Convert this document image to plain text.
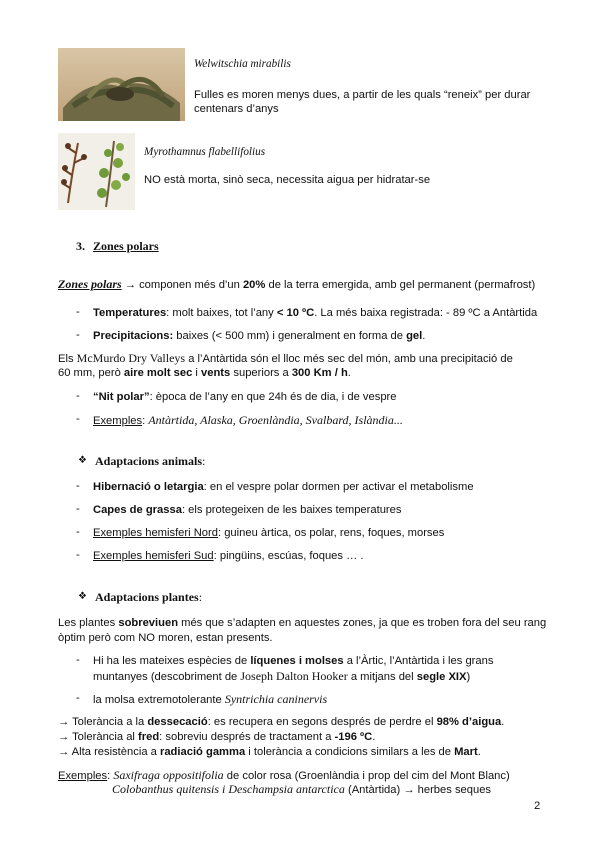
Welwitschia mirabilis
Fulles es moren menys dues, a partir de les quals “reneix” per durar
centenars d’anys
Myrothamnus flabellifolius
NO està morta, sinò seca, necessita aigua per hidratar-se
3. Zones polars
Zones polars → componen més d’un 20% de la terra emergida, amb gel permanent (permafrost)
- Temperatures: molt baixes, tot l’any < 10 ºC. La més baixa registrada: - 89 ºC a Antàrtida
- Precipitacions: baixes (< 500 mm) i generalment en forma de gel.
Els McMurdo Dry Valleys a l’Antàrtida són el lloc més sec del món, amb una precipitació de
60 mm, però aire molt sec i vents superiors a 300 Km / h.
- “Nit polar”: època de l’any en que 24h és de dia, i de vespre
- Exemples: Antàrtida, Alaska, Groenlàndia, Svalbard, Islàndia...
❖ Adaptacions animals:
- Hibernació o letargia: en el vespre polar dormen per activar el metabolisme
- Capes de grassa: els protegeixen de les baixes temperatures
- Exemples hemisferi Nord: guineu àrtica, os polar, rens, foques, morses
- Exemples hemisferi Sud: pingüins, escúas, foques … .
❖ Adaptacions plantes:
Les plantes sobreviuen més que s’adapten en aquestes zones, ja que es troben fora del seu rang
òptim però com NO moren, estan presents.
- Hi ha les mateixes espècies de líquenes i molses a l’Àrtic, l’Antàrtida i les grans
muntanyes (descobriment de Joseph Dalton Hooker a mitjans del segle XIX)
- la molsa extremotolerante Syntrichia caninervis
→ Tolerància a la dessecació: es recupera en segons després de perdre el 98% d’aigua.
→ Tolerància al fred: sobreviu després de tractament a -196 ºC.
→ Alta resistència a radiació gamma i tolerància a condicions similars a les de Mart.
Exemples: Saxifraga oppositifolia de color rosa (Groenlàndia i prop del cim del Mont Blanc)
Colobanthus quitensis i Deschampsia antarctica (Antàrtida) → herbes seques
2
